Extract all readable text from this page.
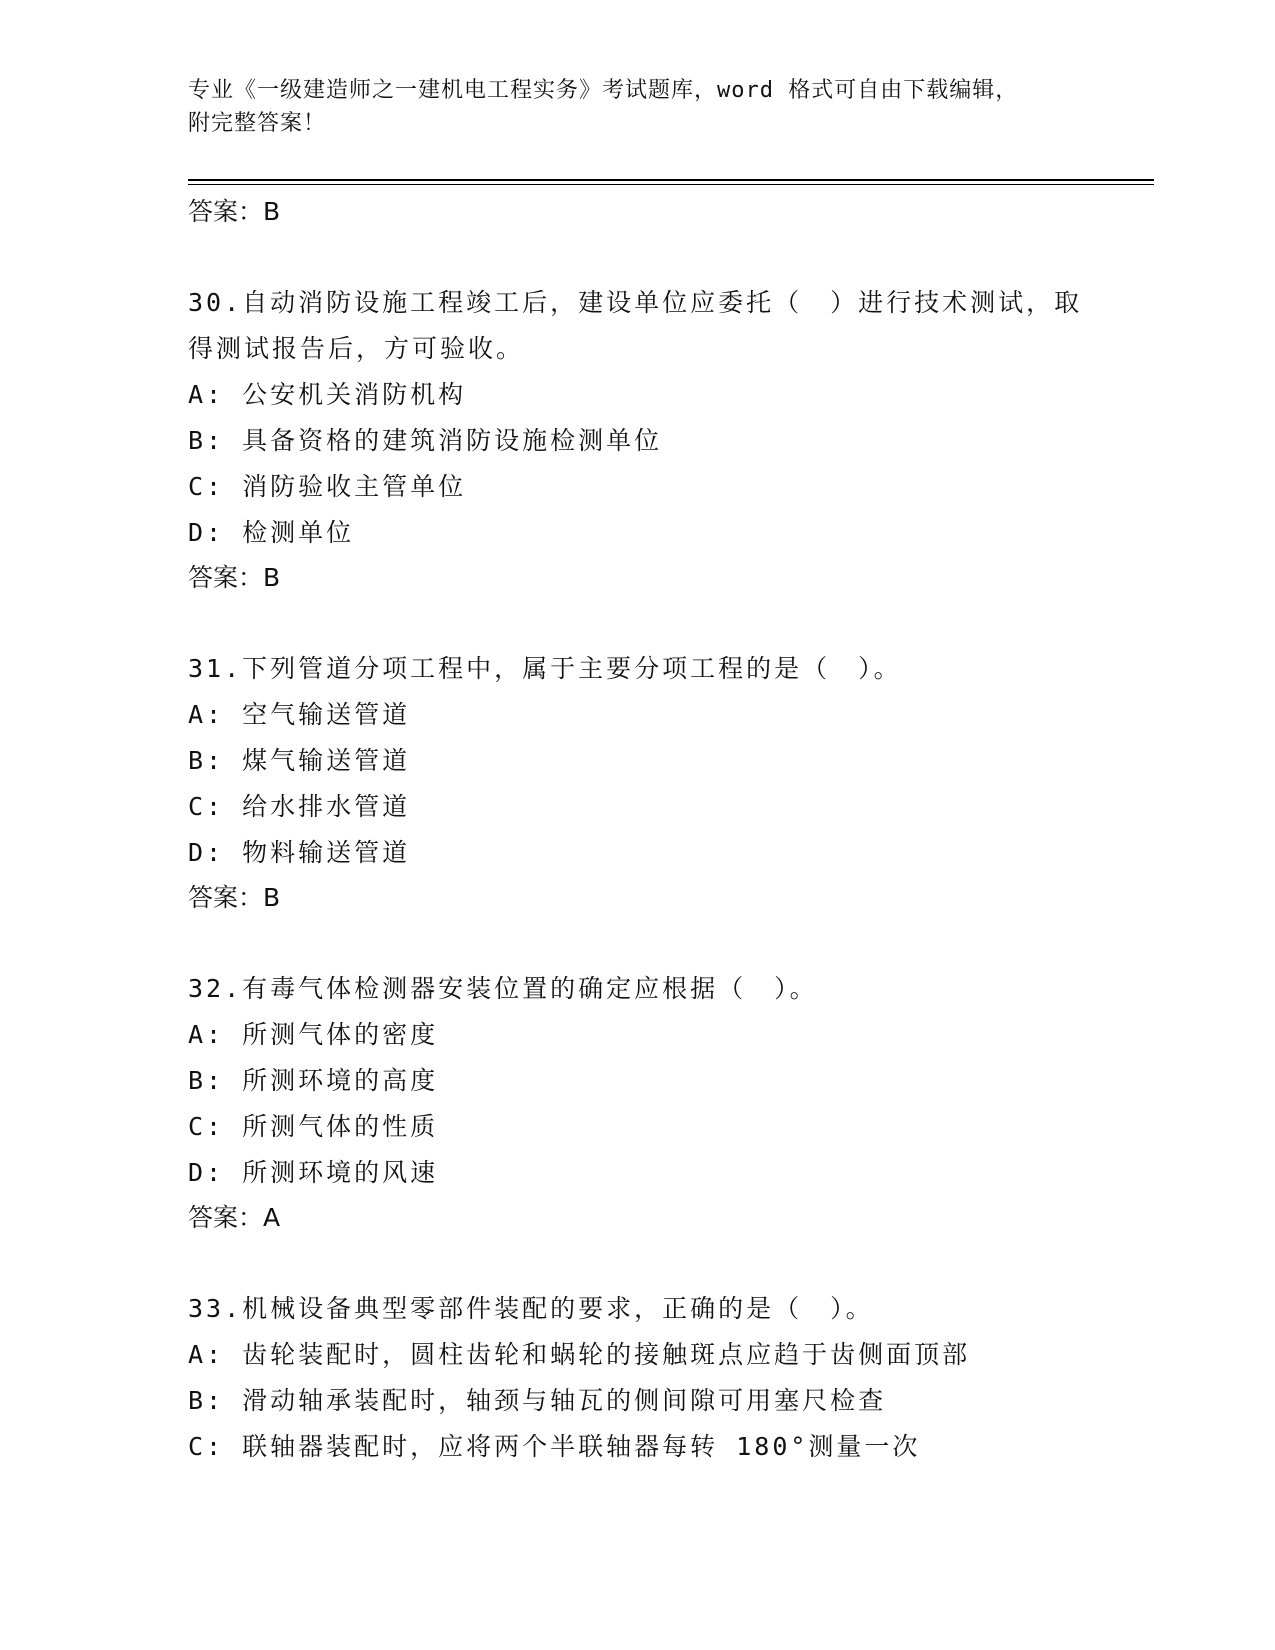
专业《一级建造师之一建机电工程实务》考试题库，word 格式可自由下载编辑，
附完整答案！
答案：B
30.自动消防设施工程竣工后，建设单位应委托（　）进行技术测试，取得测试报告后，方可验收。
A: 公安机关消防机构
B: 具备资格的建筑消防设施检测单位
C: 消防验收主管单位
D: 检测单位
答案：B
31.下列管道分项工程中，属于主要分项工程的是（　）。
A: 空气输送管道
B: 煤气输送管道
C: 给水排水管道
D: 物料输送管道
答案：B
32.有毒气体检测器安装位置的确定应根据（　）。
A: 所测气体的密度
B: 所测环境的高度
C: 所测气体的性质
D: 所测环境的风速
答案：A
33.机械设备典型零部件装配的要求，正确的是（　）。
A: 齿轮装配时，圆柱齿轮和蜗轮的接触斑点应趋于齿侧面顶部
B: 滑动轴承装配时，轴颈与轴瓦的侧间隙可用塞尺检查
C: 联轴器装配时，应将两个半联轴器每转 180°测量一次
